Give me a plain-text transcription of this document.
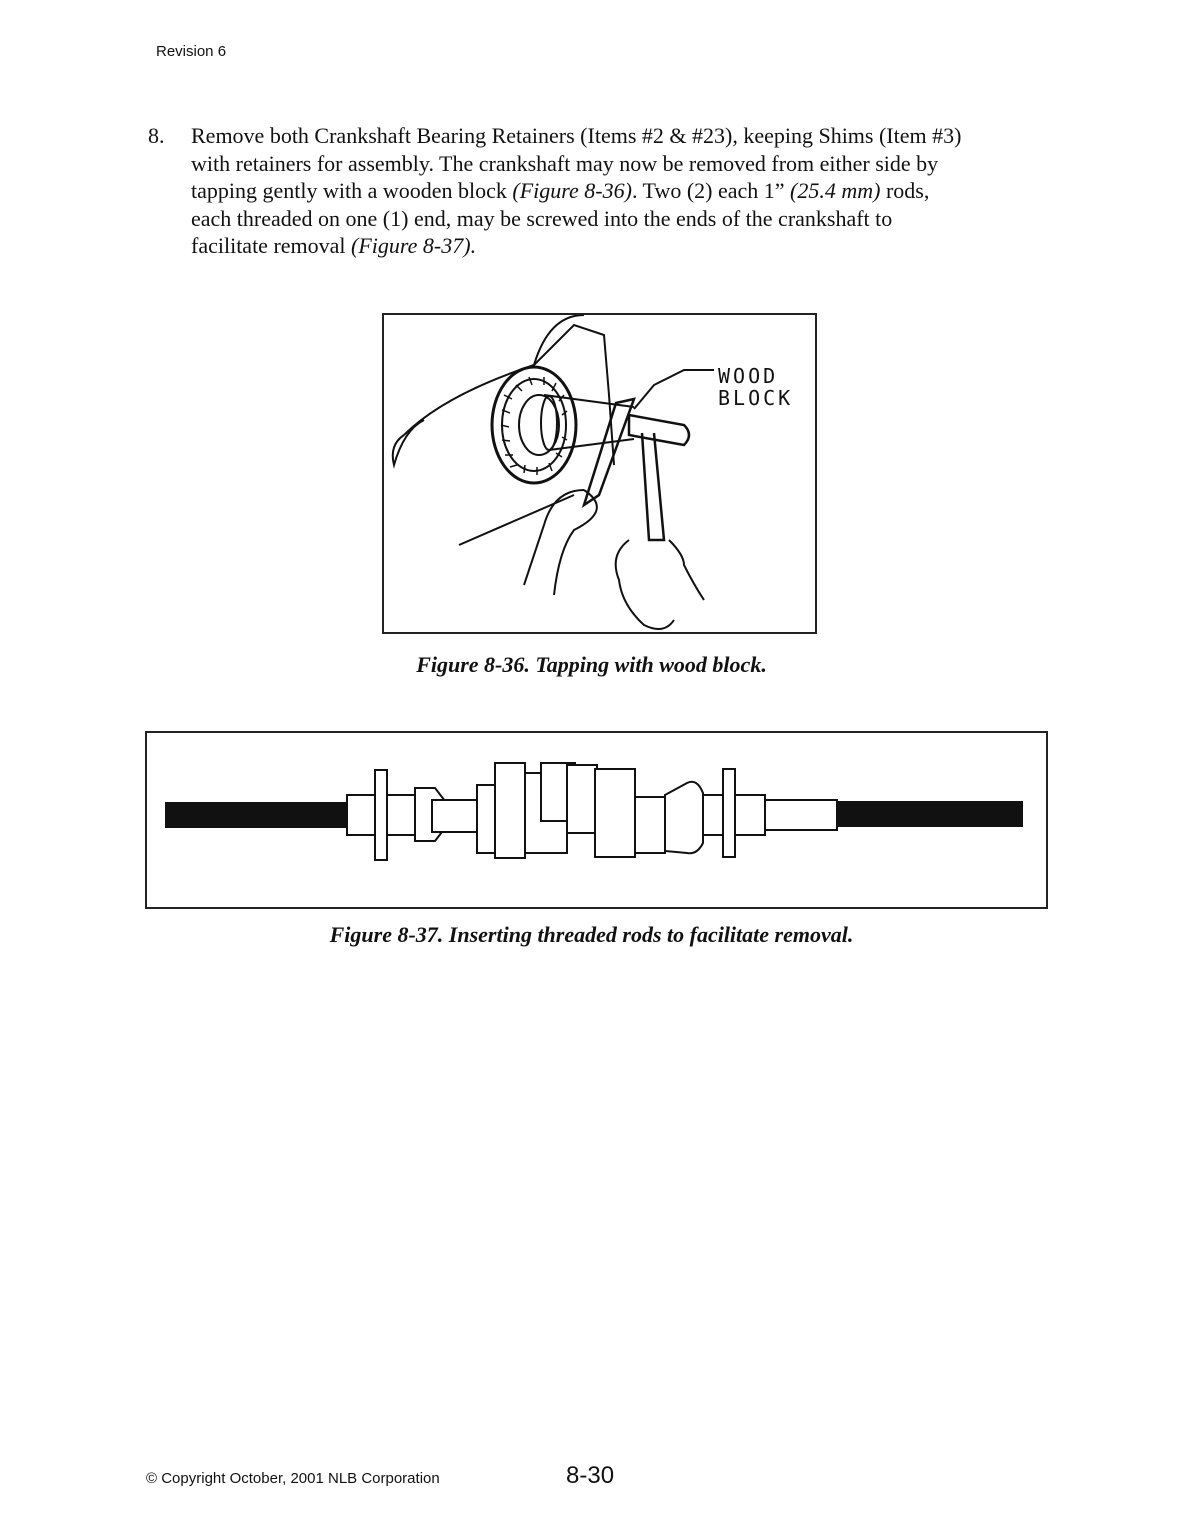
Revision 6
8.	Remove both Crankshaft Bearing Retainers (Items #2 & #23), keeping Shims (Item #3)
with retainers for assembly. The crankshaft may now be removed from either side by
tapping gently with a wooden block (Figure 8-36). Two (2) each 1” (25.4 mm) rods,
each threaded on one (1) end, may be screwed into the ends of the crankshaft to
facilitate removal (Figure 8-37).
WOOD
BLOCK
Figure 8-36. Tapping with wood block.
Figure 8-37. Inserting threaded rods to facilitate removal.
© Copyright October, 2001 NLB Corporation	8-30
